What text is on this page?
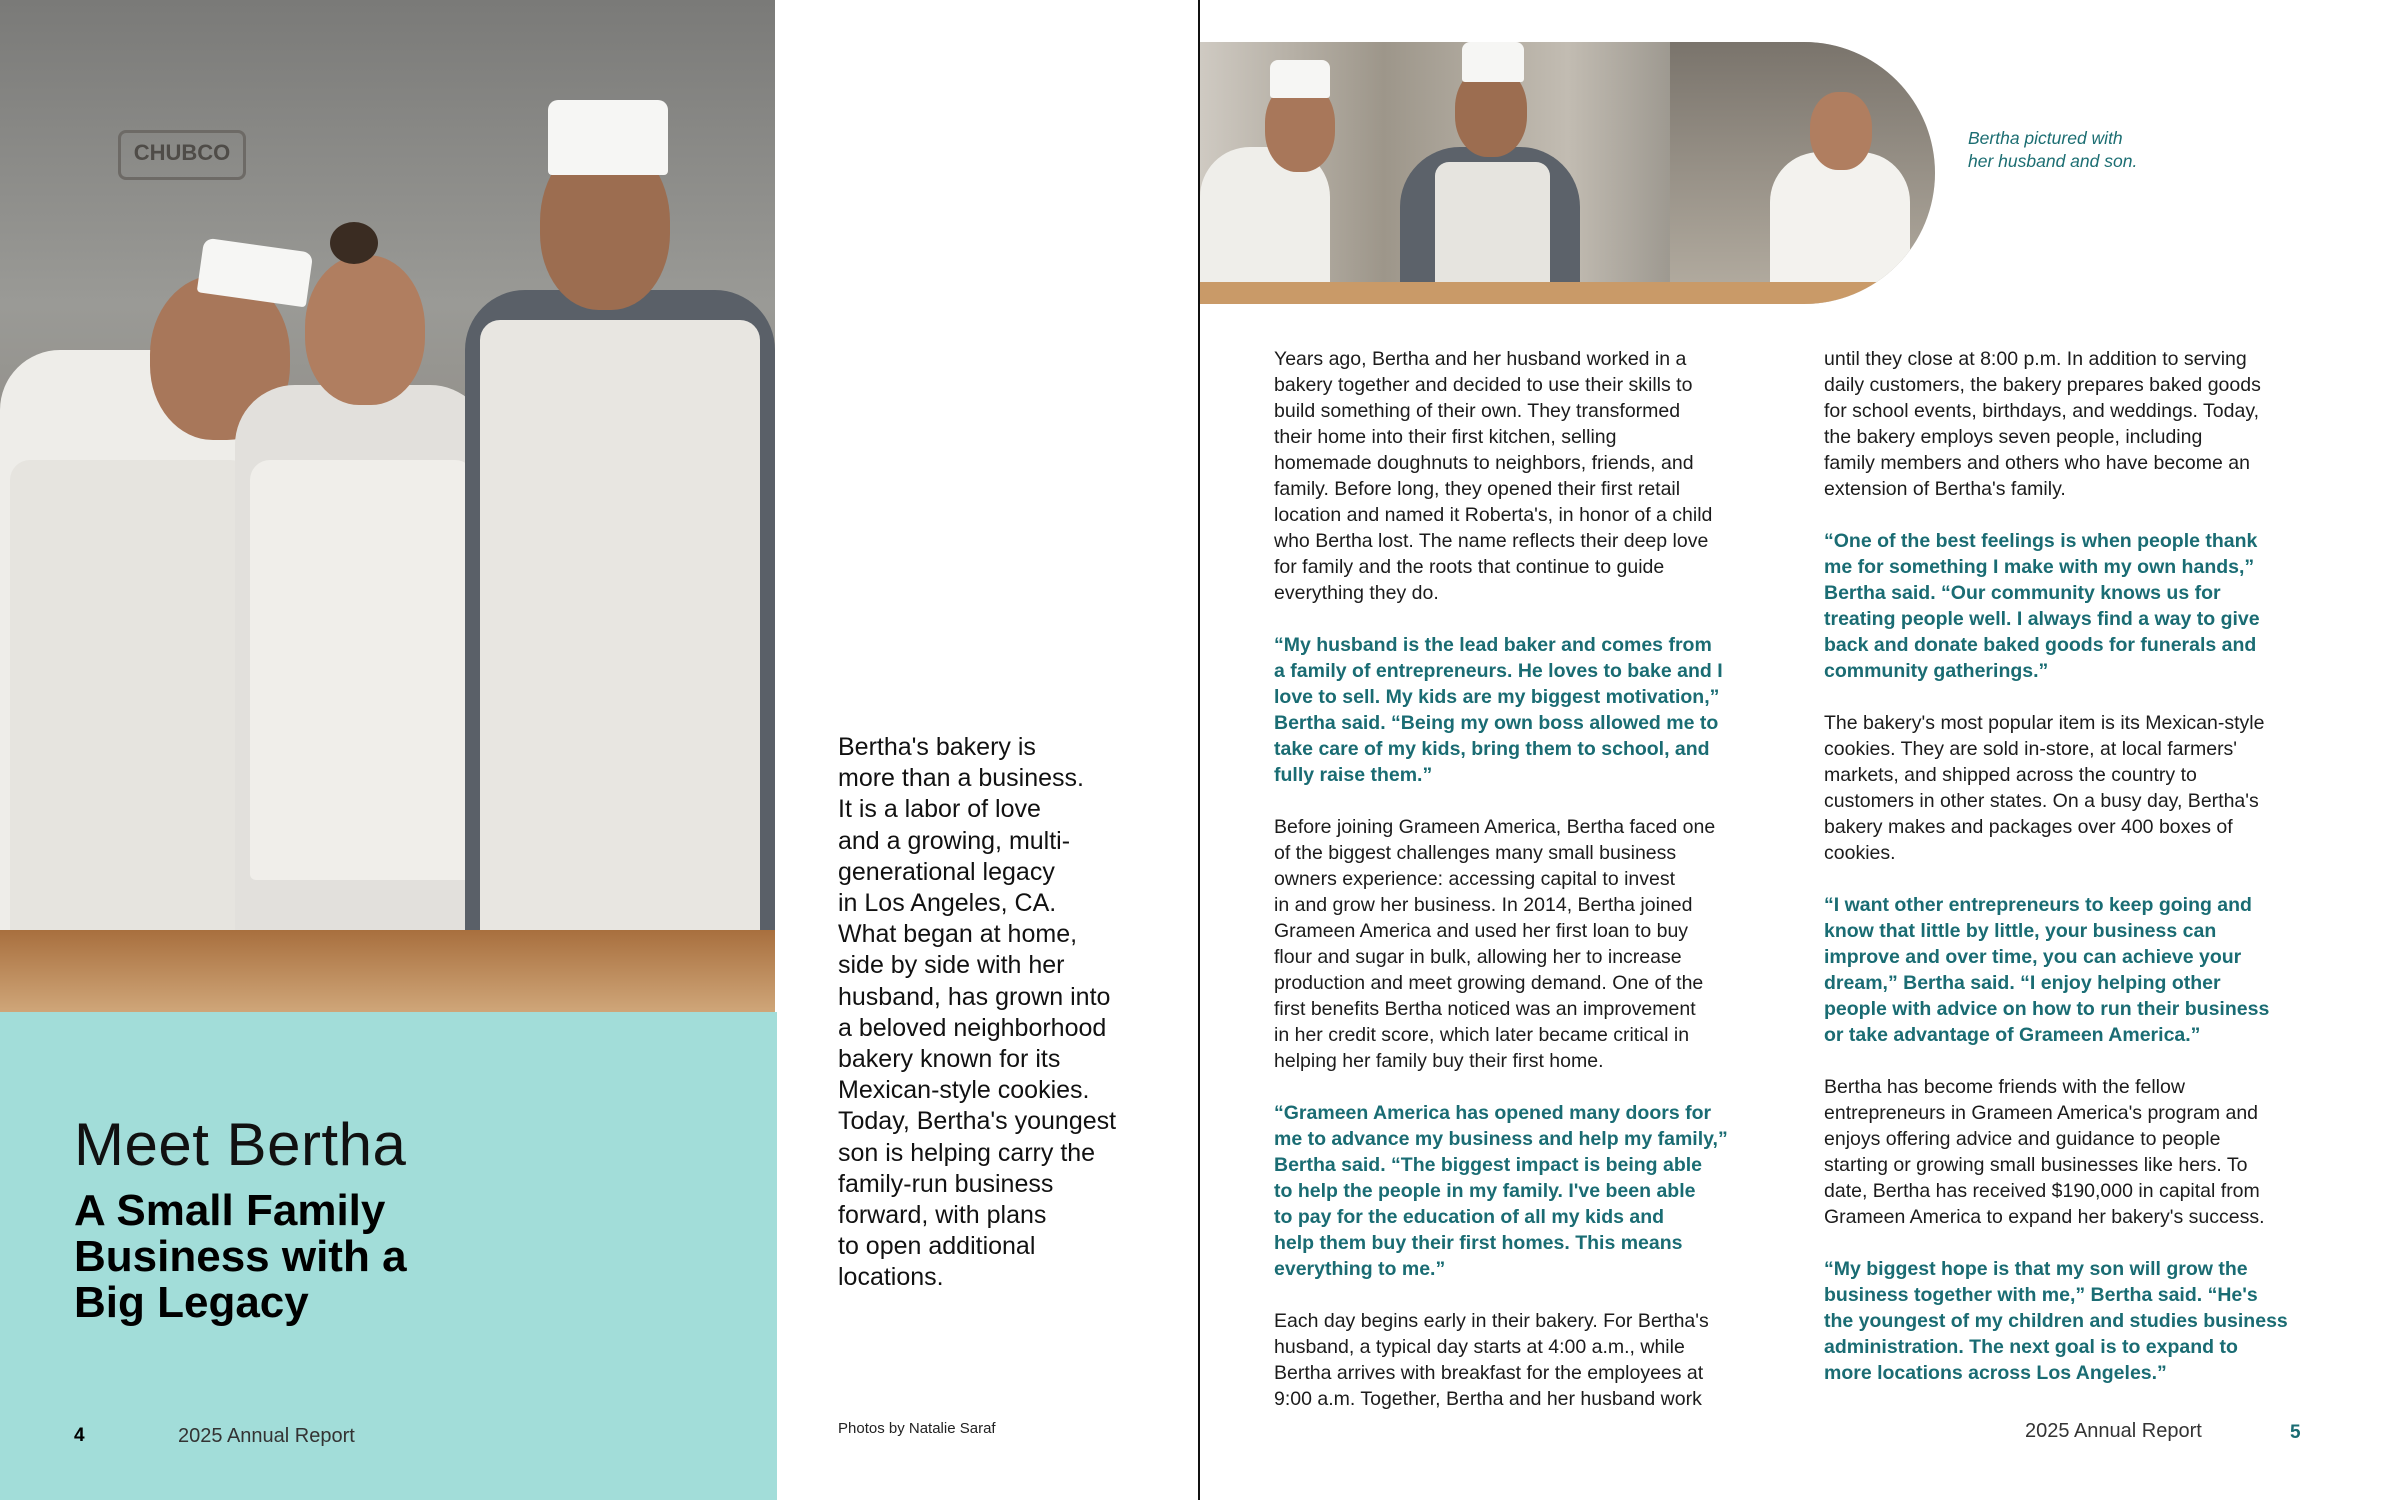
CHUBCO
Meet Bertha
A Small Family
Business with a
Big Legacy
4	2025 Annual Report
Bertha's bakery is
more than a business.
It is a labor of love
and a growing, multi-
generational legacy
in Los Angeles, CA.
What began at home,
side by side with her
husband, has grown into
a beloved neighborhood
bakery known for its
Mexican-style cookies.
Today, Bertha's youngest
son is helping carry the
family-run business
forward, with plans
to open additional
locations.
Photos by Natalie Saraf
Bertha pictured with
her husband and son.
Years ago, Bertha and her husband worked in a
bakery together and decided to use their skills to
build something of their own. They transformed
their home into their first kitchen, selling
homemade doughnuts to neighbors, friends, and
family. Before long, they opened their first retail
location and named it Roberta's, in honor of a child
who Bertha lost. The name reflects their deep love
for family and the roots that continue to guide
everything they do.
“My husband is the lead baker and comes from
a family of entrepreneurs. He loves to bake and I
love to sell. My kids are my biggest motivation,”
Bertha said. “Being my own boss allowed me to
take care of my kids, bring them to school, and
fully raise them.”
Before joining Grameen America, Bertha faced one
of the biggest challenges many small business
owners experience: accessing capital to invest
in and grow her business. In 2014, Bertha joined
Grameen America and used her first loan to buy
flour and sugar in bulk, allowing her to increase
production and meet growing demand. One of the
first benefits Bertha noticed was an improvement
in her credit score, which later became critical in
helping her family buy their first home.
“Grameen America has opened many doors for
me to advance my business and help my family,”
Bertha said. “The biggest impact is being able
to help the people in my family. I've been able
to pay for the education of all my kids and
help them buy their first homes. This means
everything to me.”
Each day begins early in their bakery. For Bertha's
husband, a typical day starts at 4:00 a.m., while
Bertha arrives with breakfast for the employees at
9:00 a.m. Together, Bertha and her husband work
until they close at 8:00 p.m. In addition to serving
daily customers, the bakery prepares baked goods
for school events, birthdays, and weddings. Today,
the bakery employs seven people, including
family members and others who have become an
extension of Bertha's family.
“One of the best feelings is when people thank
me for something I make with my own hands,”
Bertha said. “Our community knows us for
treating people well. I always find a way to give
back and donate baked goods for funerals and
community gatherings.”
The bakery's most popular item is its Mexican-style
cookies. They are sold in-store, at local farmers'
markets, and shipped across the country to
customers in other states. On a busy day, Bertha's
bakery makes and packages over 400 boxes of
cookies.
“I want other entrepreneurs to keep going and
know that little by little, your business can
improve and over time, you can achieve your
dream,” Bertha said. “I enjoy helping other
people with advice on how to run their business
or take advantage of Grameen America.”
Bertha has become friends with the fellow
entrepreneurs in Grameen America's program and
enjoys offering advice and guidance to people
starting or growing small businesses like hers. To
date, Bertha has received $190,000 in capital from
Grameen America to expand her bakery's success.
“My biggest hope is that my son will grow the
business together with me,” Bertha said. “He's
the youngest of my children and studies business
administration. The next goal is to expand to
more locations across Los Angeles.”
2025 Annual Report	5
